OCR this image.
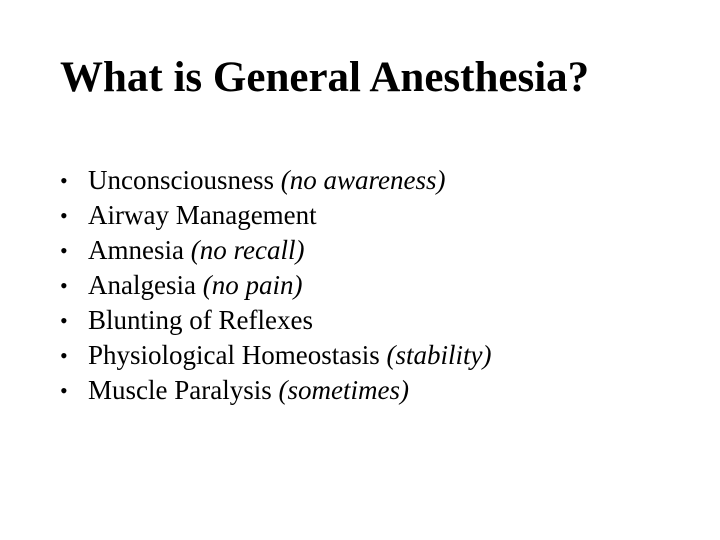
What is General Anesthesia?
• Unconsciousness (no awareness)
• Airway Management
• Amnesia (no recall)
• Analgesia (no pain)
• Blunting of Reflexes
• Physiological Homeostasis (stability)
• Muscle Paralysis (sometimes)
